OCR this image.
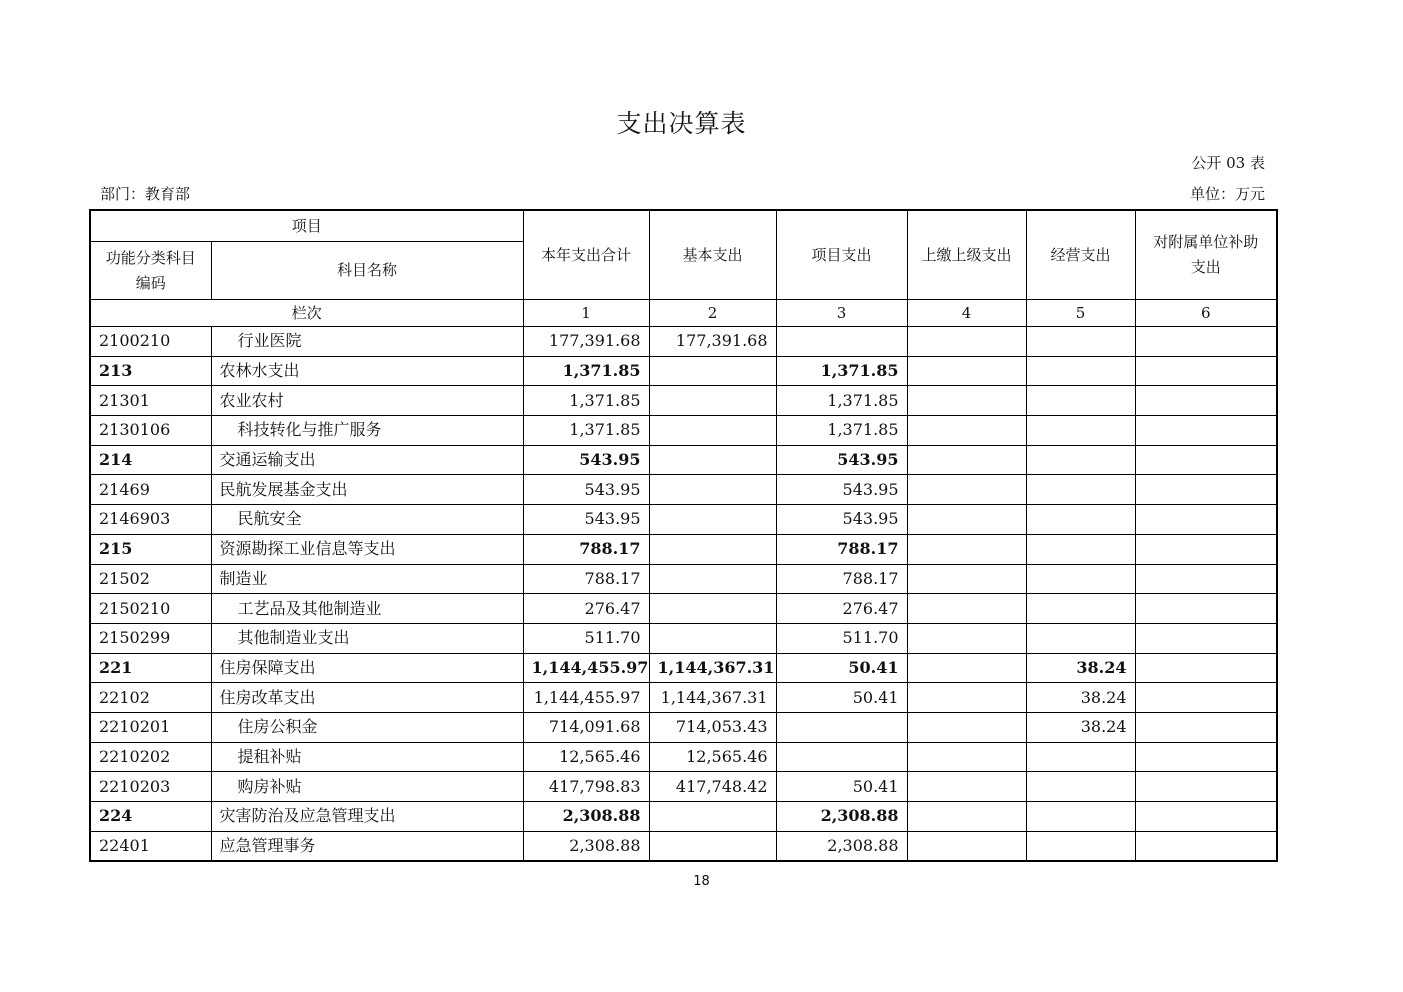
支出决算表
公开 03 表
部门：教育部	单位：万元
项目		本年支出合计	基本支出	项目支出	上缴上级支出	经营支出	对附属单位补助支出
功能分类科目编码	科目名称						
栏次		1	2	3	4	5	6
2100210	行业医院	177,391.68	177,391.68				
213	农林水支出	1,371.85		1,371.85			
21301	农业农村	1,371.85		1,371.85			
2130106	科技转化与推广服务	1,371.85		1,371.85			
214	交通运输支出	543.95		543.95			
21469	民航发展基金支出	543.95		543.95			
2146903	民航安全	543.95		543.95			
215	资源勘探工业信息等支出	788.17		788.17			
21502	制造业	788.17		788.17			
2150210	工艺品及其他制造业	276.47		276.47			
2150299	其他制造业支出	511.70		511.70			
221	住房保障支出	1,144,455.97	1,144,367.31	50.41		38.24	
22102	住房改革支出	1,144,455.97	1,144,367.31	50.41		38.24	
2210201	住房公积金	714,091.68	714,053.43			38.24	
2210202	提租补贴	12,565.46	12,565.46				
2210203	购房补贴	417,798.83	417,748.42	50.41			
224	灾害防治及应急管理支出	2,308.88		2,308.88			
22401	应急管理事务	2,308.88		2,308.88			
18
